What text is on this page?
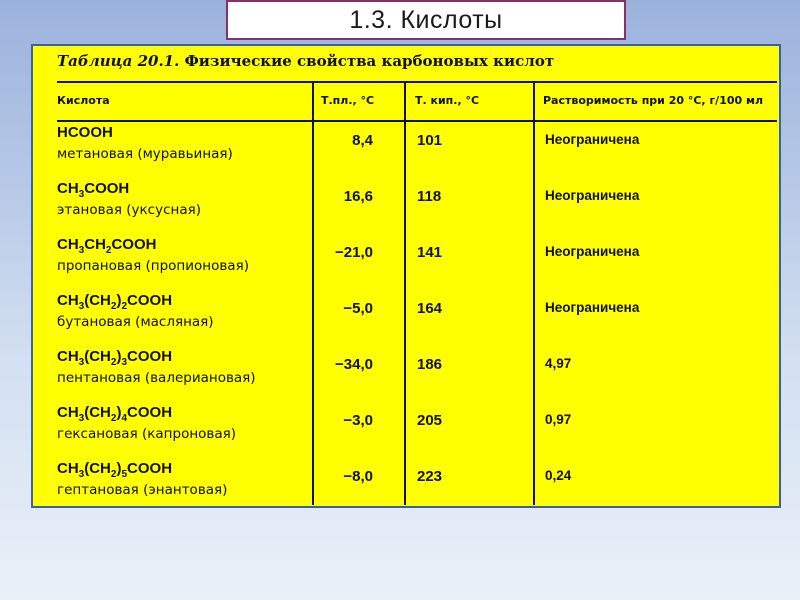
1.3. Кислоты
Таблица 20.1. Физические свойства карбоновых кислот
Кислота	Т.пл., °С	Т. кип., °С	Растворимость при 20 °С, г/100 мл
HCOOH
метановая (муравьиная)
8,4	101	Неограничена
$CH_3COOH$
этановая (уксусная)
16,6	118	Неограничена
$CH_3CH_2COOH$
пропановая (пропионовая)
−21,0	141	Неограничена
$CH_3(CH_2)_2COOH$
бутановая (масляная)
−5,0	164	Неограничена
$CH_3(CH_2)_3COOH$
пентановая (валериановая)
−34,0	186	4,97
$CH_3(CH_2)_4COOH$
гексановая (капроновая)
−3,0	205	0,97
$CH_3(CH_2)_5COOH$
гептановая (энантовая)
−8,0	223	0,24
